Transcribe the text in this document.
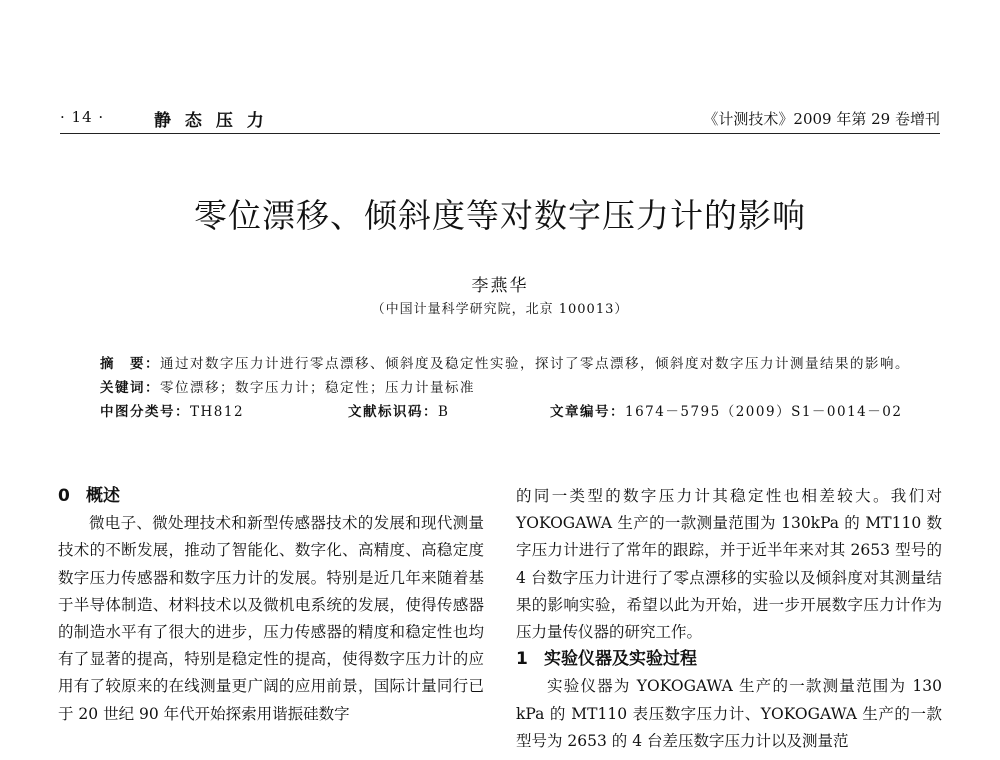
· 14 ·	静 态 压 力	《计测技术》2009 年第 29 卷增刊
零位漂移、倾斜度等对数字压力计的影响
李燕华
（中国计量科学研究院，北京 100013）

摘　要：通过对数字压力计进行零点漂移、倾斜度及稳定性实验，探讨了零点漂移，倾斜度对数字压力计测量结果的影响。

关键词：零位漂移；数字压力计；稳定性；压力计量标准

中图分类号：TH812	文献标识码：B	文章编号：1674－5795（2009）S1－0014－02

0 概述

微电子、微处理技术和新型传感器技术的发展和现代测量技术的不断发展，推动了智能化、数字化、高精度、高稳定度数字压力传感器和数字压力计的发展。特别是近几年来随着基于半导体制造、材料技术以及微机电系统的发展，使得传感器的制造水平有了很大的进步，压力传感器的精度和稳定性也均有了显著的提高，特别是稳定性的提高，使得数字压力计的应用有了较原来的在线测量更广阔的应用前景，国际计量同行已于 20 世纪 90 年代开始探索用谐振硅数字

的同一类型的数字压力计其稳定性也相差较大。我们对 YOKOGAWA 生产的一款测量范围为 130kPa 的 MT110 数字压力计进行了常年的跟踪，并于近半年来对其 2653 型号的 4 台数字压力计进行了零点漂移的实验以及倾斜度对其测量结果的影响实验，希望以此为开始，进一步开展数字压力计作为压力量传仪器的研究工作。

1 实验仪器及实验过程

实验仪器为 YOKOGAWA 生产的一款测量范围为 130 kPa 的 MT110 表压数字压力计、YOKOGAWA 生产的一款型号为 2653 的 4 台差压数字压力计以及测量范
